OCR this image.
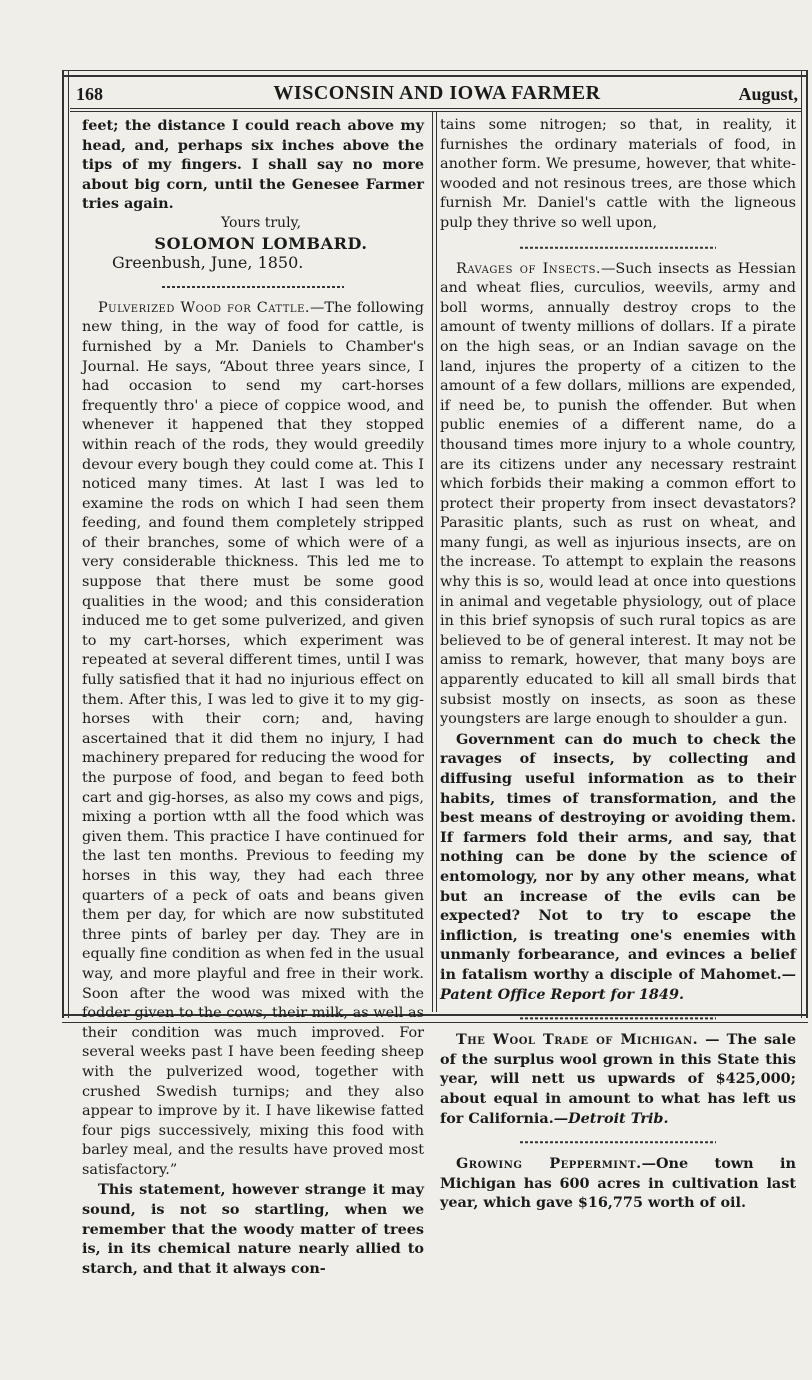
168	WISCONSIN AND IOWA FARMER	August,

feet; the distance I could reach above my head, and, perhaps six inches above the tips of my fingers. I shall say no more about big corn, until the Genesee Farmer tries again.

Yours truly,

SOLOMON LOMBARD.

Greenbush, June, 1850.

Pulverized Wood for Cattle.—The following new thing, in the way of food for cattle, is furnished by a Mr. Daniels to Chamber's Journal. He says, “About three years since, I had occasion to send my cart-horses frequently thro' a piece of coppice wood, and whenever it happened that they stopped within reach of the rods, they would greedily devour every bough they could come at. This I noticed many times. At last I was led to examine the rods on which I had seen them feeding, and found them completely stripped of their branches, some of which were of a very considerable thickness. This led me to suppose that there must be some good qualities in the wood; and this consideration induced me to get some pulverized, and given to my cart-horses, which experiment was repeated at several different times, until I was fully satisfied that it had no injurious effect on them. After this, I was led to give it to my gig-horses with their corn; and, having ascertained that it did them no injury, I had machinery prepared for reducing the wood for the purpose of food, and began to feed both cart and gig-horses, as also my cows and pigs, mixing a portion wtth all the food which was given them. This practice I have continued for the last ten months. Previous to feeding my horses in this way, they had each three quarters of a peck of oats and beans given them per day, for which are now substituted three pints of barley per day. They are in equally fine condition as when fed in the usual way, and more playful and free in their work. Soon after the wood was mixed with the fodder given to the cows, their milk, as well as their condition was much improved. For several weeks past I have been feeding sheep with the pulverized wood, together with crushed Swedish turnips; and they also appear to improve by it. I have likewise fatted four pigs successively, mixing this food with barley meal, and the results have proved most satisfactory.”

This statement, however strange it may sound, is not so startling, when we remember that the woody matter of trees is, in its chemical nature nearly allied to starch, and that it always con-

tains some nitrogen; so that, in reality, it furnishes the ordinary materials of food, in another form. We presume, however, that white-wooded and not resinous trees, are those which furnish Mr. Daniel's cattle with the ligneous pulp they thrive so well upon,

Ravages of Insects.—Such insects as Hessian and wheat flies, curculios, weevils, army and boll worms, annually destroy crops to the amount of twenty millions of dollars. If a pirate on the high seas, or an Indian savage on the land, injures the property of a citizen to the amount of a few dollars, millions are expended, if need be, to punish the offender. But when public enemies of a different name, do a thousand times more injury to a whole country, are its citizens under any necessary restraint which forbids their making a common effort to protect their property from insect devastators? Parasitic plants, such as rust on wheat, and many fungi, as well as injurious insects, are on the increase. To attempt to explain the reasons why this is so, would lead at once into questions in animal and vegetable physiology, out of place in this brief synopsis of such rural topics as are believed to be of general interest. It may not be amiss to remark, however, that many boys are apparently educated to kill all small birds that subsist mostly on insects, as soon as these youngsters are large enough to shoulder a gun.

Government can do much to check the ravages of insects, by collecting and diffusing useful information as to their habits, times of transformation, and the best means of destroying or avoiding them. If farmers fold their arms, and say, that nothing can be done by the science of entomology, nor by any other means, what but an increase of the evils can be expected? Not to try to escape the infliction, is treating one's enemies with unmanly forbearance, and evinces a belief in fatalism worthy a disciple of Mahomet.—Patent Office Report for 1849.

The Wool Trade of Michigan. — The sale of the surplus wool grown in this State this year, will nett us upwards of $425,000; about equal in amount to what has left us for California.—Detroit Trib.

Growing Peppermint.—One town in Michigan has 600 acres in cultivation last year, which gave $16,775 worth of oil.
